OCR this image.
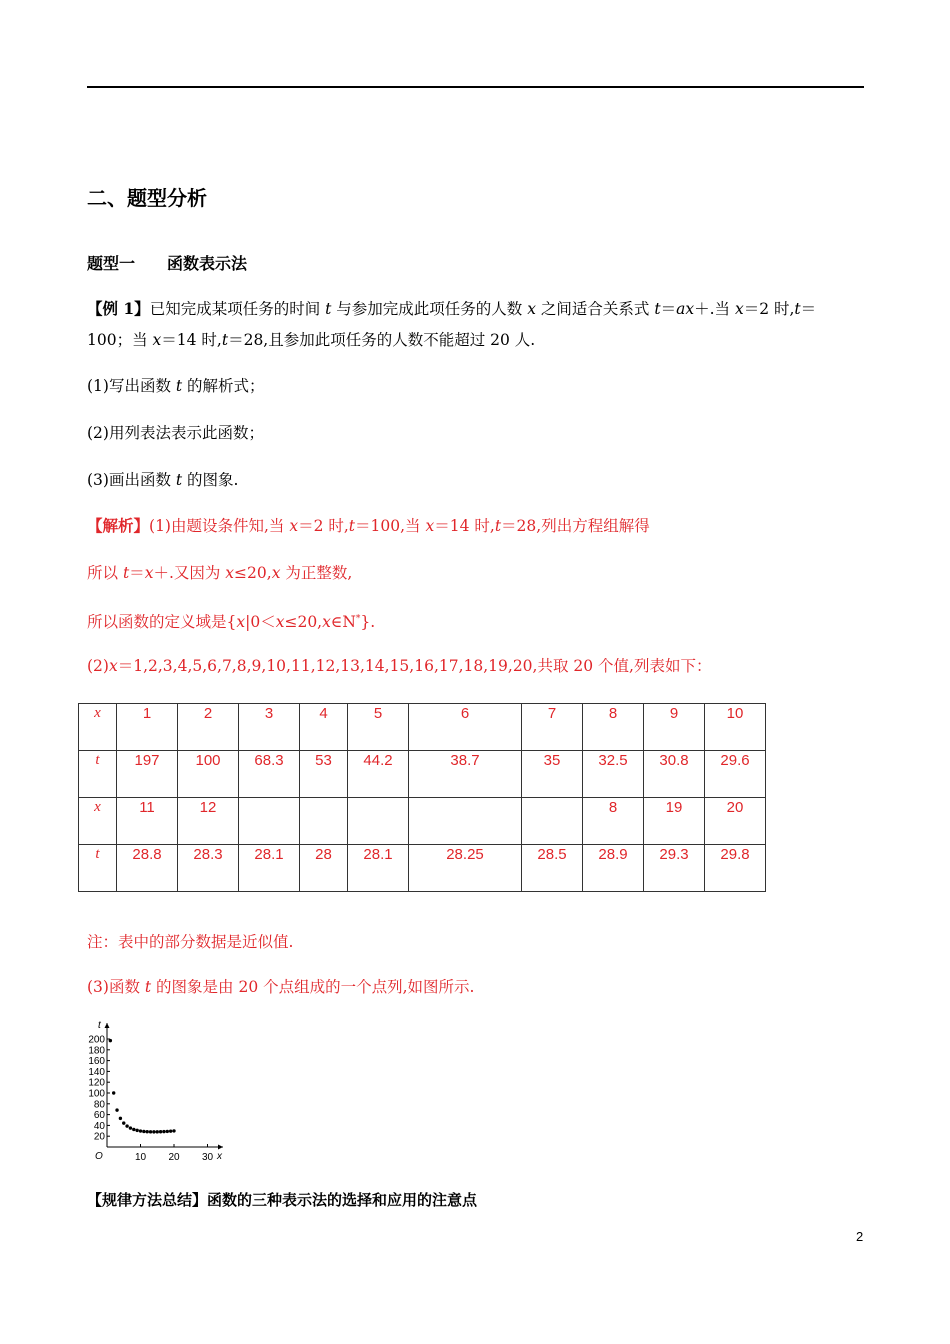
二、题型分析
题型一　　函数表示法
【例 1】已知完成某项任务的时间 t 与参加完成此项任务的人数 x 之间适合关系式 t＝ax＋.当 x＝2 时,t＝
100；当 x＝14 时,t＝28,且参加此项任务的人数不能超过 20 人.
(1)写出函数 t 的解析式；
(2)用列表法表示此函数；
(3)画出函数 t 的图象.
【解析】(1)由题设条件知,当 x＝2 时,t＝100,当 x＝14 时,t＝28,列出方程组解得
所以 t＝x＋.又因为 x≤20,x 为正整数,
所以函数的定义域是{x|0＜x≤20,x∈N*}.
(2)x＝1,2,3,4,5,6,7,8,9,10,11,12,13,14,15,16,17,18,19,20,共取 20 个值,列表如下：
x	1	2	3	4	5	6	7	8	9	10
t	197	100	68.3	53	44.2	38.7	35	32.5	30.8	29.6
x	11	12						8	19	20
t	28.8	28.3	28.1	28	28.1	28.25	28.5	28.9	29.3	29.8
注：表中的部分数据是近似值.
(3)函数 t 的图象是由 20 个点组成的一个点列,如图所示.
20
40
60
80
100
120
140
160
180
200
10 20 30
O	x
t
【规律方法总结】函数的三种表示法的选择和应用的注意点
2
